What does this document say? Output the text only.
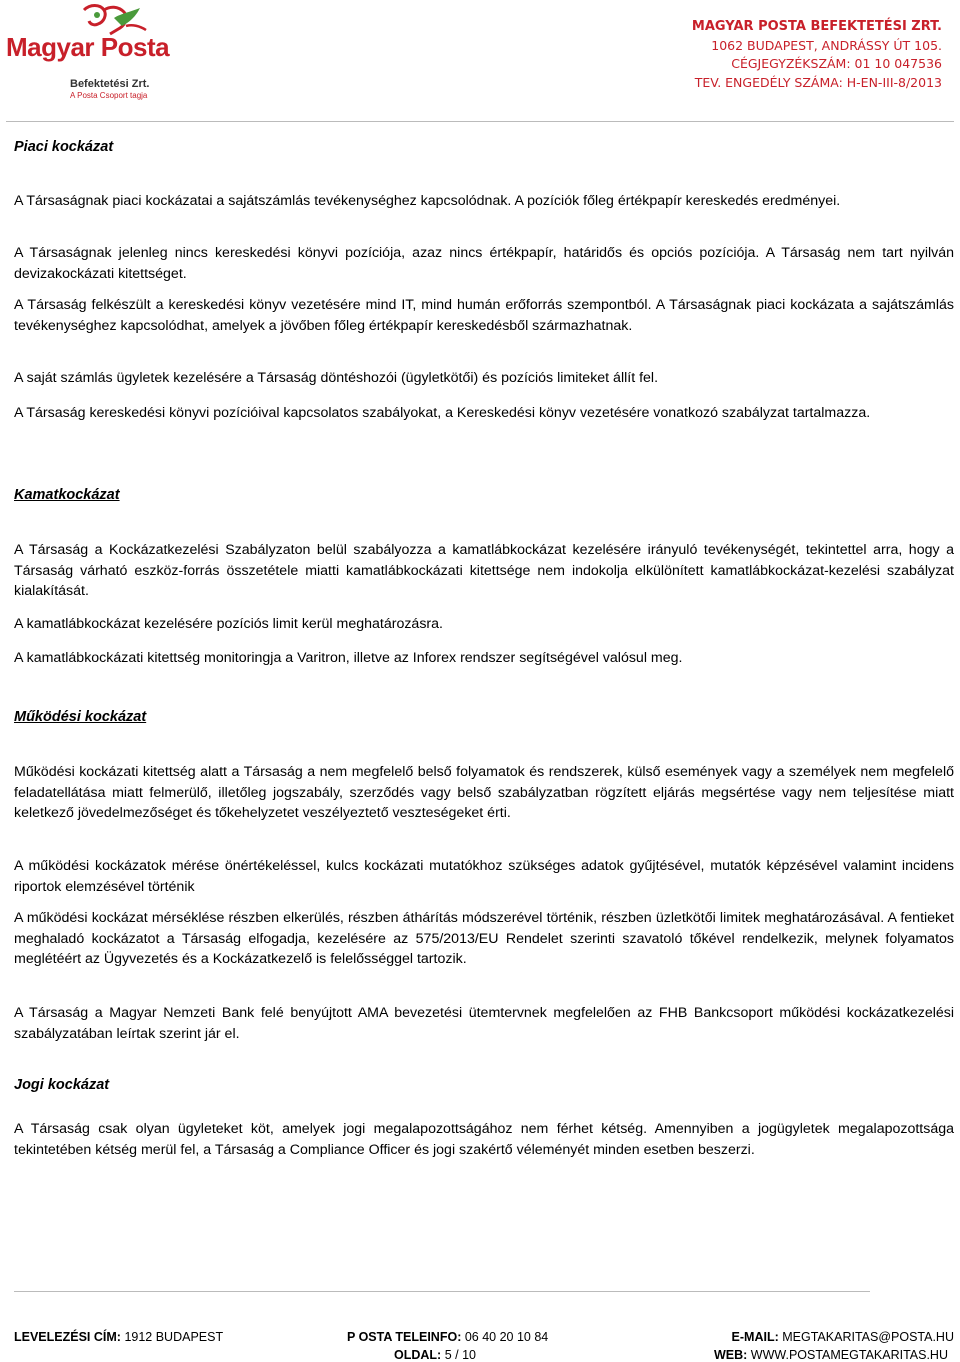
Magyar Posta
Befektetési Zrt.
A Posta Csoport tagja
MAGYAR POSTA BEFEKTETÉSI ZRT.
1062 BUDAPEST, ANDRÁSSY ÚT 105.
CÉGJEGYZÉKSZÁM: 01 10 047536
TEV. ENGEDÉLY SZÁMA: H-EN-III-8/2013
Piaci kockázat

A Társaságnak piaci kockázatai a sajátszámlás tevékenységhez kapcsolódnak. A pozíciók főleg értékpapír kereskedés eredményei.

A Társaságnak jelenleg nincs kereskedési könyvi pozíciója, azaz nincs értékpapír, határidős és opciós pozíciója. A Társaság nem tart nyilván devizakockázati kitettséget.

A Társaság felkészült a kereskedési könyv vezetésére mind IT, mind humán erőforrás szempontból. A Társaságnak piaci kockázata a sajátszámlás tevékenységhez kapcsolódhat, amelyek a jövőben főleg értékpapír kereskedésből származhatnak.

A saját számlás ügyletek kezelésére a Társaság döntéshozói (ügyletkötői) és pozíciós limiteket állít fel.

A Társaság kereskedési könyvi pozícióival kapcsolatos szabályokat, a Kereskedési könyv vezetésére vonatkozó szabályzat tartalmazza.

Kamatkockázat

A Társaság a Kockázatkezelési Szabályzaton belül szabályozza a kamatlábkockázat kezelésére irányuló tevékenységét, tekintettel arra, hogy a Társaság várható eszköz-forrás összetétele miatti kamatlábkockázati kitettsége nem indokolja elkülönített kamatlábkockázat-kezelési szabályzat kialakítását.

A kamatlábkockázat kezelésére pozíciós limit kerül meghatározásra.

A kamatlábkockázati kitettség monitoringja a Varitron, illetve az Inforex rendszer segítségével valósul meg.

Működési kockázat

Működési kockázati kitettség alatt a Társaság a nem megfelelő belső folyamatok és rendszerek, külső események vagy a személyek nem megfelelő feladatellátása miatt felmerülő, illetőleg jogszabály, szerződés vagy belső szabályzatban rögzített eljárás megsértése vagy nem teljesítése miatt keletkező jövedelmezőséget és tőkehelyzetet veszélyeztető veszteségeket érti.

A működési kockázatok mérése önértékeléssel, kulcs kockázati mutatókhoz szükséges adatok gyűjtésével, mutatók képzésével valamint incidens riportok elemzésével történik

A működési kockázat mérséklése részben elkerülés, részben áthárítás módszerével történik, részben üzletkötői limitek meghatározásával. A fentieket meghaladó kockázatot a Társaság elfogadja, kezelésére az 575/2013/EU Rendelet szerinti szavatoló tőkével rendelkezik, melynek folyamatos meglétéért az Ügyvezetés és a Kockázatkezelő is felelősséggel tartozik.

A Társaság a Magyar Nemzeti Bank felé benyújtott AMA bevezetési ütemtervnek megfelelően az FHB Bankcsoport működési kockázatkezelési szabályzatában leírtak szerint jár el.

Jogi kockázat

A Társaság csak olyan ügyleteket köt, amelyek jogi megalapozottságához nem férhet kétség. Amennyiben a jogügyletek megalapozottsága tekintetében kétség merül fel, a Társaság a Compliance Officer és jogi szakértő véleményét minden esetben beszerzi.

LEVELEZÉSI CÍM: 1912 BUDAPEST	P OSTA TELEINFO: 06 40 20 10 84
OLDAL: 5 / 10
E-MAIL: MEGTAKARITAS@POSTA.HU
WEB: WWW.POSTAMEGTAKARITAS.HU
